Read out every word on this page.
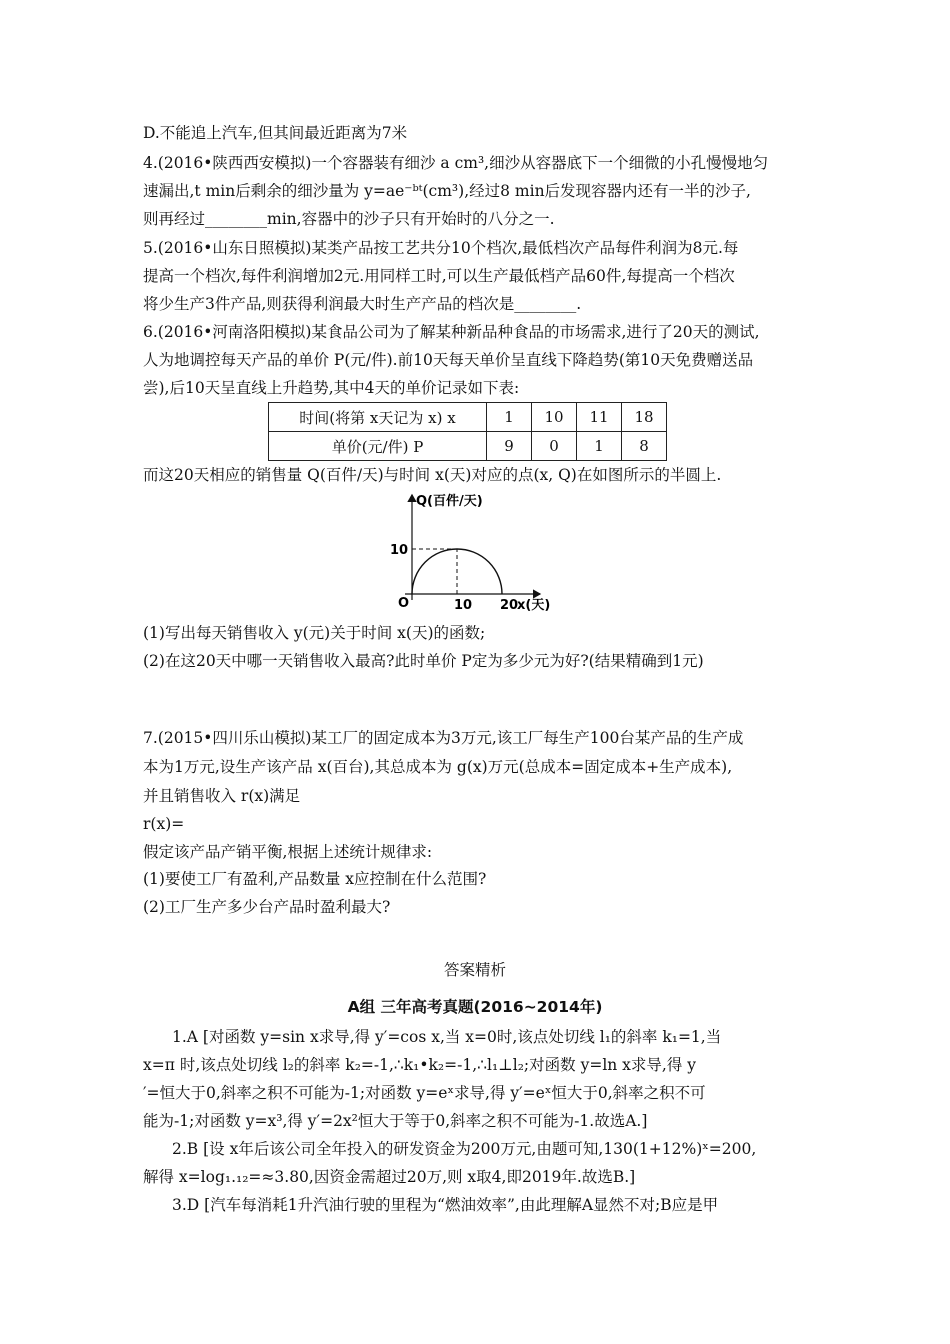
D.不能追上汽车,但其间最近距离为7米
4.(2016•陕西西安模拟)一个容器装有细沙 a cm³,细沙从容器底下一个细微的小孔慢慢地匀
速漏出,t min后剩余的细沙量为 y=ae⁻ᵇᵗ(cm³),经过8 min后发现容器内还有一半的沙子,
则再经过________min,容器中的沙子只有开始时的八分之一.
5.(2016•山东日照模拟)某类产品按工艺共分10个档次,最低档次产品每件利润为8元.每
提高一个档次,每件利润增加2元.用同样工时,可以生产最低档产品60件,每提高一个档次
将少生产3件产品,则获得利润最大时生产产品的档次是________.
6.(2016•河南洛阳模拟)某食品公司为了解某种新品种食品的市场需求,进行了20天的测试,
人为地调控每天产品的单价 P(元/件).前10天每天单价呈直线下降趋势(第10天免费赠送品
尝),后10天呈直线上升趋势,其中4天的单价记录如下表:
时间(将第 x天记为 x) x	1	10	11	18
单价(元/件) P	9	0	1	8
而这20天相应的销售量 Q(百件/天)与时间 x(天)对应的点(x, Q)在如图所示的半圆上.
Q(百件/天)
x(天)
O	10 20
10
(1)写出每天销售收入 y(元)关于时间 x(天)的函数;
(2)在这20天中哪一天销售收入最高?此时单价 P定为多少元为好?(结果精确到1元)
7.(2015•四川乐山模拟)某工厂的固定成本为3万元,该工厂每生产100台某产品的生产成
本为1万元,设生产该产品 x(百台),其总成本为 g(x)万元(总成本=固定成本+生产成本),
并且销售收入 r(x)满足
r(x)=
假定该产品产销平衡,根据上述统计规律求:
(1)要使工厂有盈利,产品数量 x应控制在什么范围?
(2)工厂生产多少台产品时盈利最大?
答案精析
A组 三年高考真题(2016~2014年)
1.A [对函数 y=sin x求导,得 y′=cos x,当 x=0时,该点处切线 l₁的斜率 k₁=1,当
x=π 时,该点处切线 l₂的斜率 k₂=-1,∴k₁•k₂=-1,∴l₁⊥l₂;对函数 y=ln x求导,得 y
′=恒大于0,斜率之积不可能为-1;对函数 y=eˣ求导,得 y′=eˣ恒大于0,斜率之积不可
能为-1;对函数 y=x³,得 y′=2x²恒大于等于0,斜率之积不可能为-1.故选A.]
2.B [设 x年后该公司全年投入的研发资金为200万元,由题可知,130(1+12%)ˣ=200,
解得 x=log₁.₁₂=≈3.80,因资金需超过20万,则 x取4,即2019年.故选B.]
3.D [汽车每消耗1升汽油行驶的里程为“燃油效率”,由此理解A显然不对;B应是甲
